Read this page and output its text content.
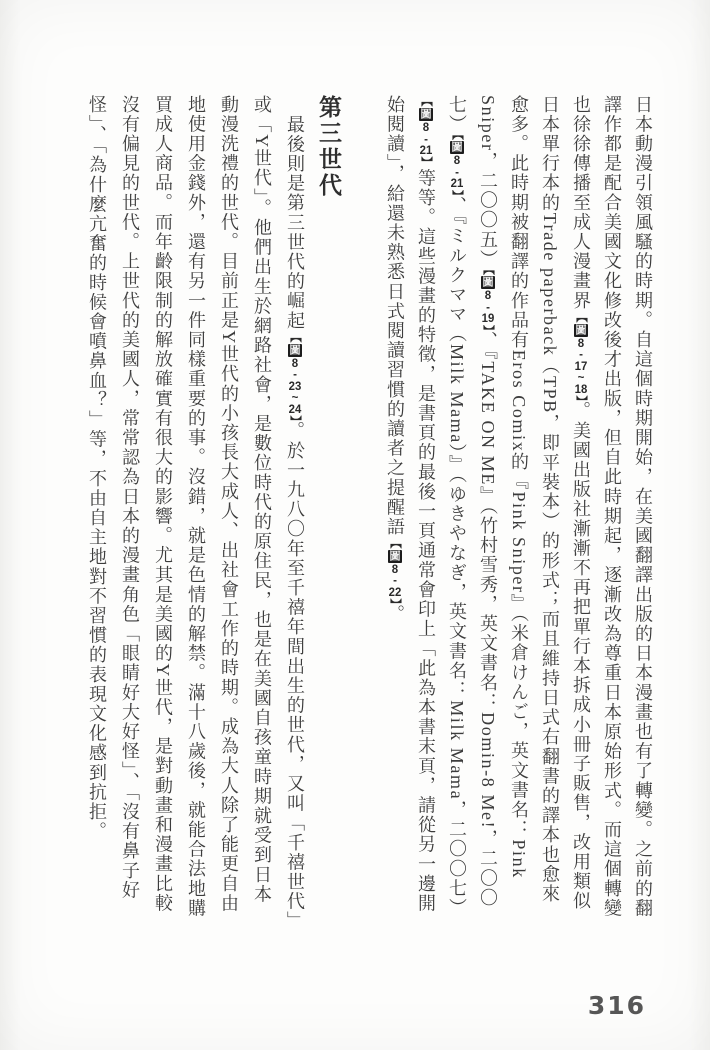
日本動漫引領風騷的時期。自這個時期開始，在美國翻譯出版的日本漫畫也有了轉變。之前的翻譯作都是配合美國文化修改後才出版，但自此時期起，逐漸改為尊重日本原始形式。而這個轉變也徐徐傳播至成人漫畫界【圖8-17~18】。美國出版社漸漸不再把單行本拆成小冊子販售，改用類似日本單行本的Trade paperback（TPB，即平裝本）的形式；而且維持日式右翻書的譯本也愈來愈多。此時期被翻譯的作品有Eros Comix的『Pink Sniper』（米倉けんご，英文書名：Pink Sniper，二〇〇五）【圖8-19】、『TAKE ON ME』（竹村雪秀，英文書名：Domin-8 Me!，二〇〇七）【圖8-21】、『ミルクママ（Milk Mama）』（ゆきやなぎ，英文書名：Milk Mama，二〇〇七）【圖8-21】等等。這些漫畫的特徵，是書頁的最後一頁通常會印上「此為本書末頁，請從另一邊開始閱讀」，給還未熟悉日式閱讀習慣的讀者之提醒語【圖8-22】。

第三世代

最後則是第三世代的崛起【圖8-23~24】。於一九八〇年至千禧年間出生的世代，又叫「千禧世代」或「Y世代」。他們出生於網路社會，是數位時代的原住民，也是在美國自孩童時期就受到日本動漫洗禮的世代。目前正是Y世代的小孩長大成人、出社會工作的時期。成為大人除了能更自由地使用金錢外，還有另一件同樣重要的事。沒錯，就是色情的解禁。滿十八歲後，就能合法地購買成人商品。而年齡限制的解放確實有很大的影響。尤其是美國的Y世代，是對動畫和漫畫比較沒有偏見的世代。上世代的美國人，常常認為日本的漫畫角色「眼睛好大好怪」、「沒有鼻子好怪」、「為什麼亢奮的時候會噴鼻血？」等，不由自主地對不習慣的表現文化感到抗拒。

316
